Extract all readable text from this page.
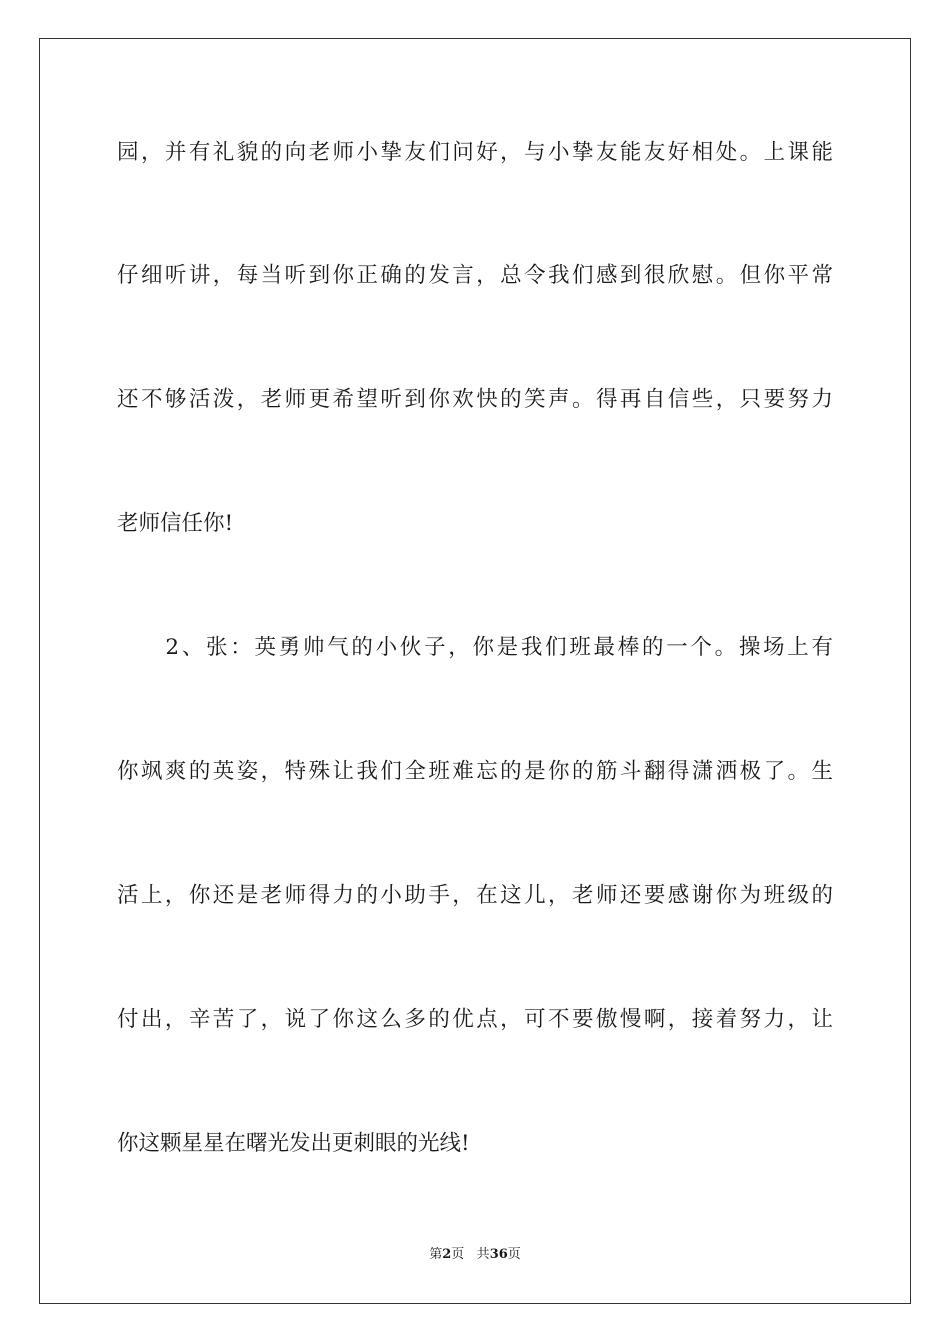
园，并有礼貌的向老师小挚友们问好，与小挚友能友好相处。上课能
仔细听讲，每当听到你正确的发言，总令我们感到很欣慰。但你平常
还不够活泼，老师更希望听到你欢快的笑声。得再自信些，只要努力
老师信任你!
　　2、张：英勇帅气的小伙子，你是我们班最棒的一个。操场上有
你飒爽的英姿，特殊让我们全班难忘的是你的筋斗翻得潇洒极了。生
活上，你还是老师得力的小助手，在这儿，老师还要感谢你为班级的
付出，辛苦了，说了你这么多的优点，可不要傲慢啊，接着努力，让
你这颗星星在曙光发出更刺眼的光线!
第2页 共36页
